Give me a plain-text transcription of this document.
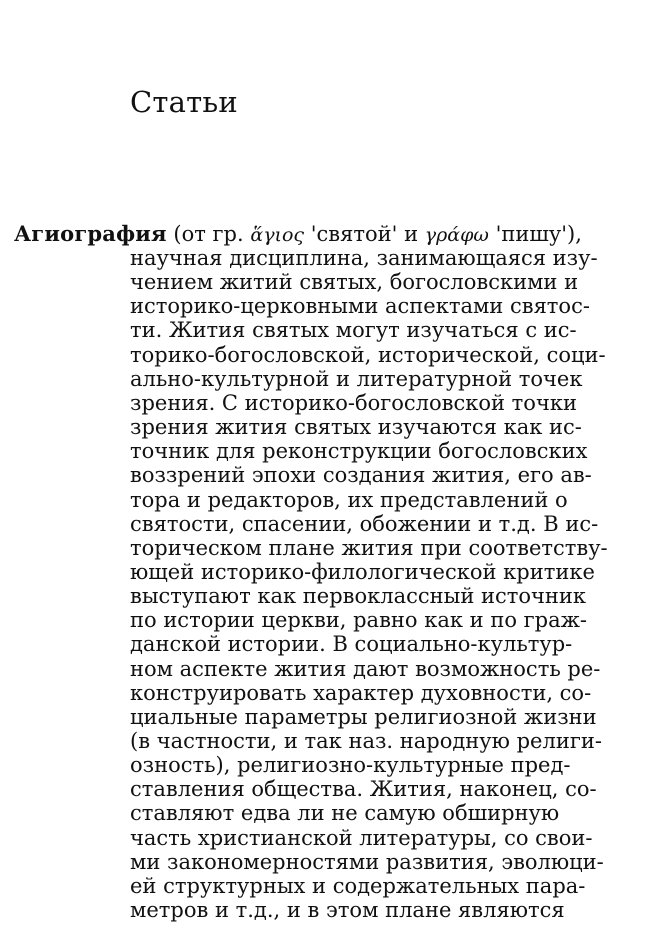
Статьи
Агиография (от гр. ἅγιος 'святой' и γράφω 'пишу'),
научная дисциплина, занимающаяся изу-
чением житий святых, богословскими и
историко-церковными аспектами святос-
ти. Жития святых могут изучаться с ис-
торико-богословской, исторической, соци-
ально-культурной и литературной точек
зрения. С историко-богословской точки
зрения жития святых изучаются как ис-
точник для реконструкции богословских
воззрений эпохи создания жития, его ав-
тора и редакторов, их представлений о
святости, спасении, обожении и т.д. В ис-
торическом плане жития при соответству-
ющей историко-филологической критике
выступают как первоклассный источник
по истории церкви, равно как и по граж-
данской истории. В социально-культур-
ном аспекте жития дают возможность ре-
конструировать характер духовности, со-
циальные параметры религиозной жизни
(в частности, и так наз. народную религи-
озность), религиозно-культурные пред-
ставления общества. Жития, наконец, со-
ставляют едва ли не самую обширную
часть христианской литературы, со свои-
ми закономерностями развития, эволюци-
ей структурных и содержательных пара-
метров и т.д., и в этом плане являются
